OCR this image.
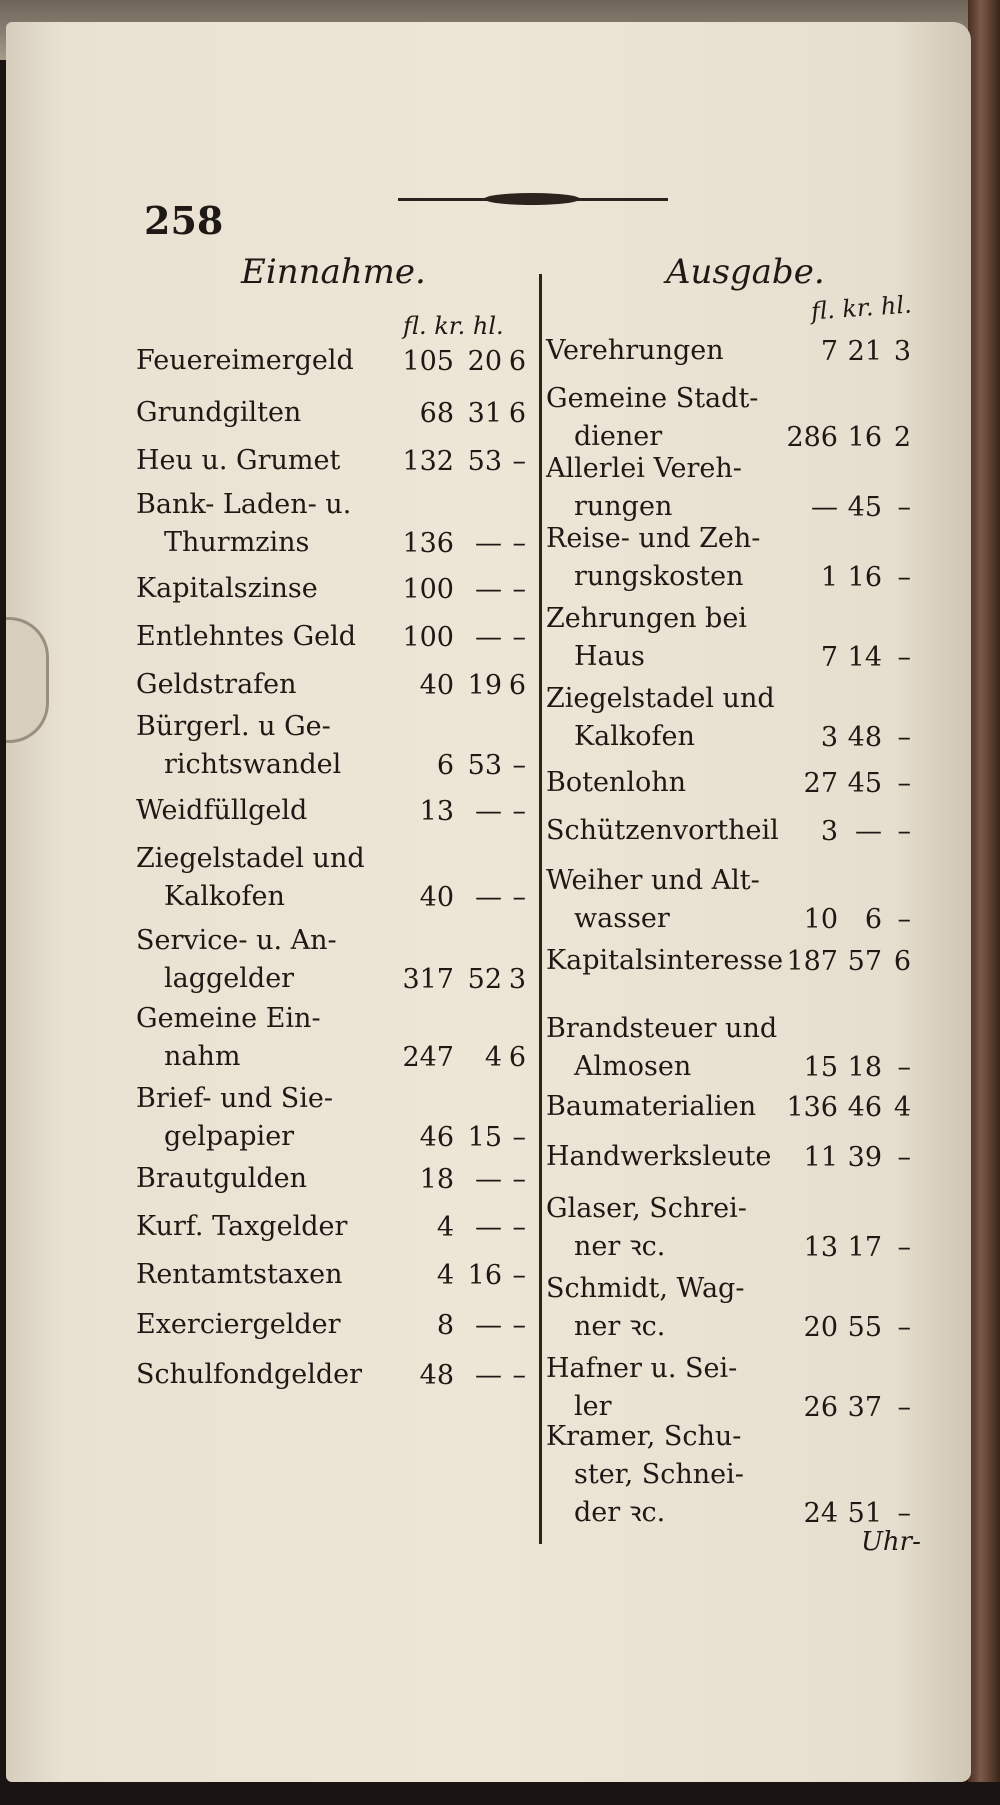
258
Einnahme.	Ausgabe.
fl. kr. hl.
fl. kr. hl.
Feuereimergeld 105 20 6
Grundgilten	68 31 6
Heu u. Grumet 132 53 –
Bank- Laden- u.
Thurmzins	136 — –
Kapitalszinse	100 — –
Entlehntes Geld 100 — –
Geldstrafen	40 19 6
Bürgerl. u Ge-
richtswandel	6 53 –
Weidfüllgeld	13 — –
Ziegelstadel und
Kalkofen	40 — –
Service- u. An-
laggelder	317 52 3
Gemeine Ein-
nahm	247 4 6
Brief- und Sie-
gelpapier	46 15 –
Brautgulden	18 — –
Kurf. Taxgelder	4 — –
Rentamtstaxen	4 16 –
Exerciergelder	8 — –
Schulfondgelder 48 — –
Verehrungen	7 21 3
Gemeine Stadt-
diener	286 16 2
Allerlei Vereh-
rungen	— 45 –
Reise- und Zeh-
rungskosten	1 16 –
Zehrungen bei
Haus	7 14 –
Ziegelstadel und
Kalkofen	3 48 –
Botenlohn	27 45 –
Schützenvortheil 3 — –
Weiher und Alt-
wasser	10 6 –
Kapitalsinteresse 187 57 6
Brandsteuer und
Almosen	15 18 –
Baumaterialien 136 46 4
Handwerksleute 11 39 –
Glaser, Schrei-
ner ꝛc.	13 17 –
Schmidt, Wag-
ner ꝛc.	20 55 –
Hafner u. Sei-
ler	26 37 –
Kramer, Schu-
ster, Schnei-
der ꝛc.	24 51 –
Uhr-
